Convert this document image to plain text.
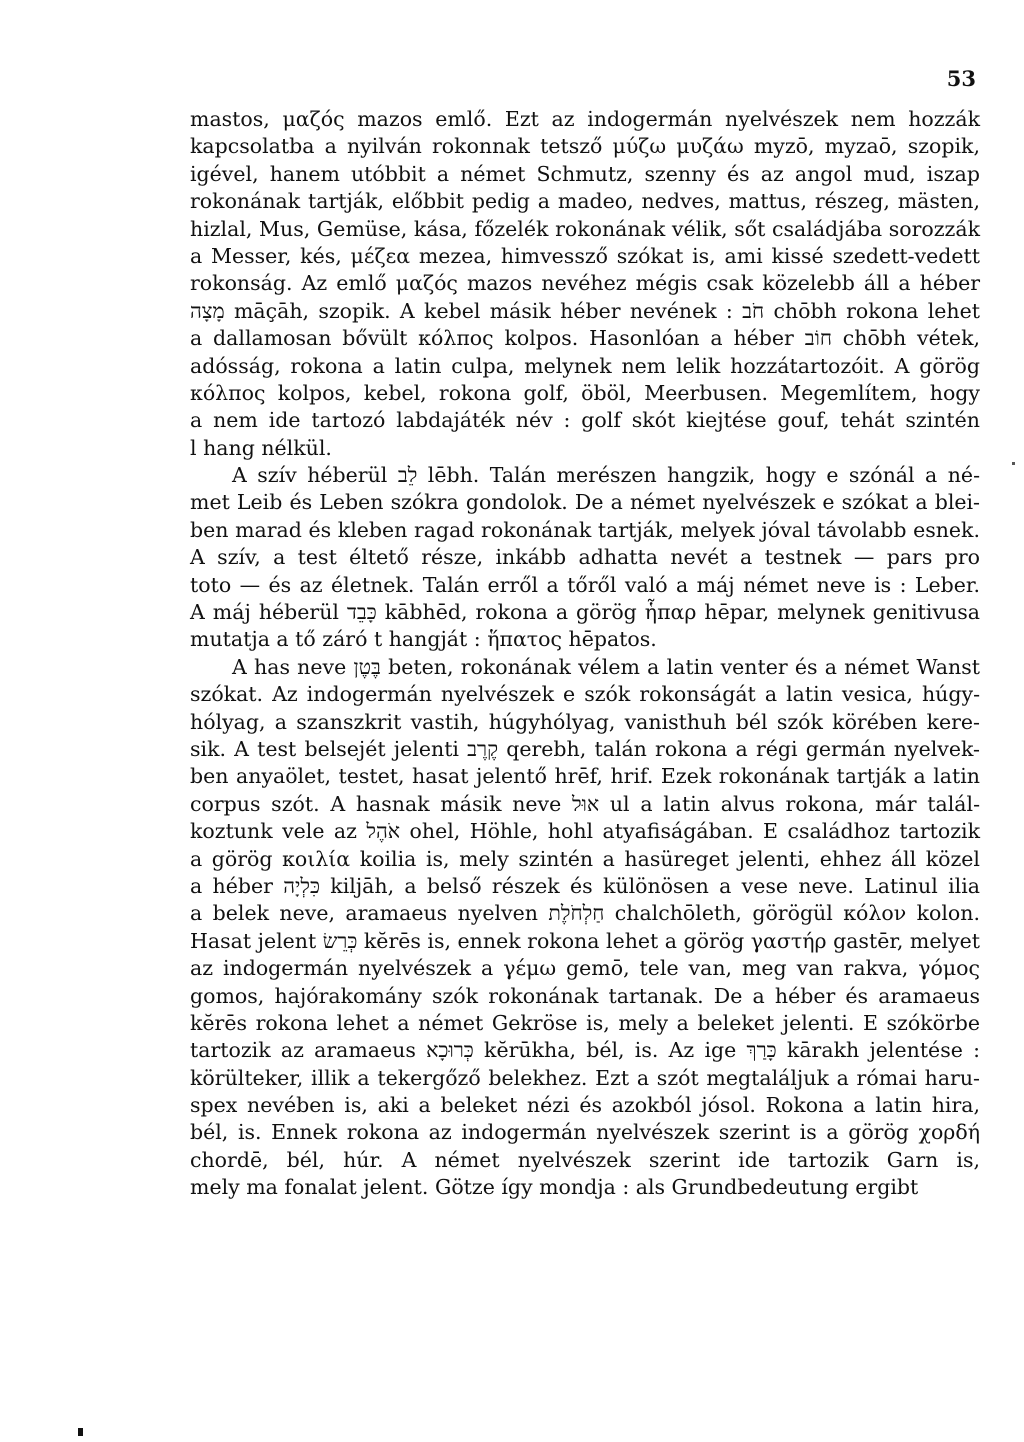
53
mastos, μαζός mazos emlő. Ezt az indogermán nyelvészek nem hozzák
kapcsolatba a nyilván rokonnak tetsző μύζω μυζάω myzō, myzaō, szopik,
igével, hanem utóbbit a német Schmutz, szenny és az angol mud, iszap
rokonának tartják, előbbit pedig a madeo, nedves, mattus, részeg, mästen,
hizlal, Mus, Gemüse, kása, főzelék rokonának vélik, sőt családjába sorozzák
a Messer, kés, μέζεα mezea, himvessző szókat is, ami kissé szedett-vedett
rokonság. Az emlő μαζός mazos nevéhez mégis csak közelebb áll a héber
מָצָה māçāh, szopik. A kebel másik héber nevének : חֹב chōbh rokona lehet
a dallamosan bővült κόλπος kolpos. Hasonlóan a héber חוֹב chōbh vétek,
adósság, rokona a latin culpa, melynek nem lelik hozzátartozóit. A görög
κόλπος kolpos, kebel, rokona golf, öböl, Meerbusen. Megemlítem, hogy
a nem ide tartozó labdajáték név : golf skót kiejtése gouf, tehát szintén
l hang nélkül.
A szív héberül לֵב lēbh. Talán merészen hangzik, hogy e szónál a né-
met Leib és Leben szókra gondolok. De a német nyelvészek e szókat a blei-
ben marad és kleben ragad rokonának tartják, melyek jóval távolabb esnek.
A szív, a test éltető része, inkább adhatta nevét a testnek — pars pro
toto — és az életnek. Talán erről a tőről való a máj német neve is : Leber.
A máj héberül כָּבֵד kābhēd, rokona a görög ἧπαρ hēpar, melynek genitivusa
mutatja a tő záró t hangját : ἥπατος hēpatos.
A has neve בֶּטֶן beten, rokonának vélem a latin venter és a német Wanst
szókat. Az indogermán nyelvészek e szók rokonságát a latin vesica, húgy-
hólyag, a szanszkrit vastih, húgyhólyag, vanisthuh bél szók körében kere-
sik. A test belsejét jelenti קֶרֶב qerebh, talán rokona a régi germán nyelvek-
ben anyaölet, testet, hasat jelentő hrēf, hrif. Ezek rokonának tartják a latin
corpus szót. A hasnak másik neve אוּל ul a latin alvus rokona, már talál-
koztunk vele az אֹהֶל ohel, Höhle, hohl atyafiságában. E családhoz tartozik
a görög κοιλία koilia is, mely szintén a hasüreget jelenti, ehhez áll közel
a héber כִּלְיָה kiljāh, a belső részek és különösen a vese neve. Latinul ilia
a belek neve, aramaeus nyelven חַלְחֹלֶת chalchōleth, görögül κόλον kolon.
Hasat jelent כְּרֵשׂ kĕrēs is, ennek rokona lehet a görög γαστήρ gastēr, melyet
az indogermán nyelvészek a γέμω gemō, tele van, meg van rakva, γόμος
gomos, hajórakomány szók rokonának tartanak. De a héber és aramaeus
kĕrēs rokona lehet a német Gekröse is, mely a beleket jelenti. E szókörbe
tartozik az aramaeus כְּרוּכָא kĕrūkha, bél, is. Az ige כָּרַךְ kārakh jelentése :
körülteker, illik a tekergőző belekhez. Ezt a szót megtaláljuk a római haru-
spex nevében is, aki a beleket nézi és azokból jósol. Rokona a latin hira,
bél, is. Ennek rokona az indogermán nyelvészek szerint is a görög χορδή
chordē, bél, húr. A német nyelvészek szerint ide tartozik Garn is,
mely ma fonalat jelent. Götze így mondja : als Grundbedeutung ergibt
